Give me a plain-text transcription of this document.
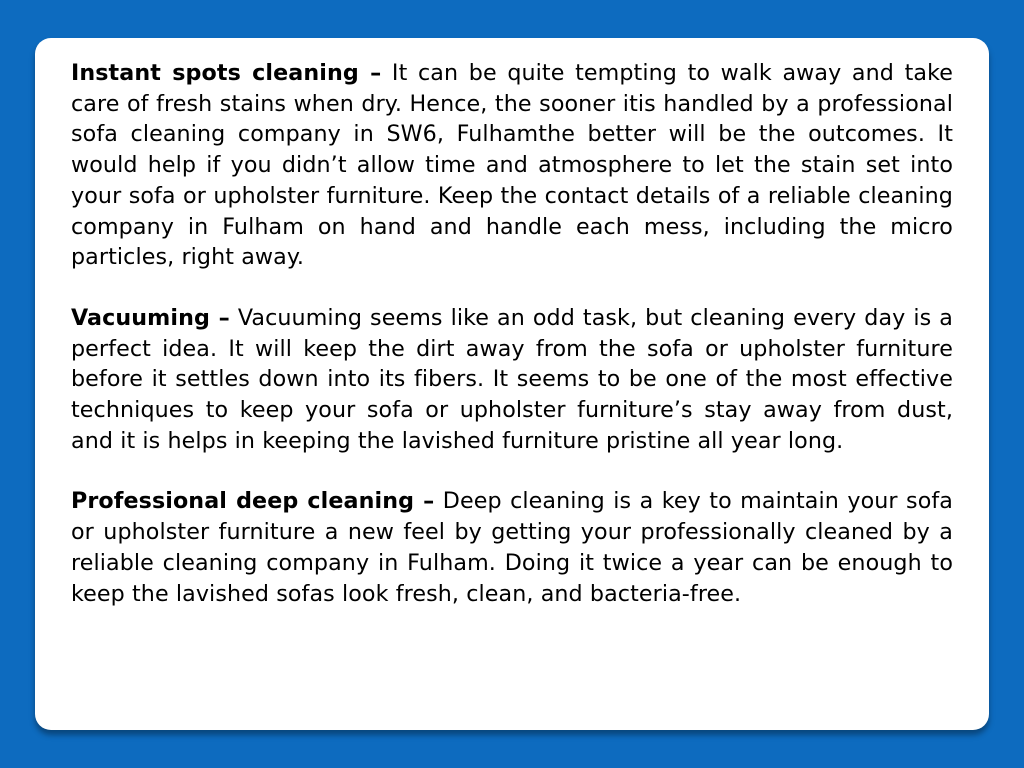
Instant spots cleaning – It can be quite tempting to walk away and take care of fresh stains when dry. Hence, the sooner itis handled by a professional sofa cleaning company in SW6, Fulhamthe better will be the outcomes. It would help if you didn’t allow time and atmosphere to let the stain set into your sofa or upholster furniture. Keep the contact details of a reliable cleaning company in Fulham on hand and handle each mess, including the micro particles, right away.

Vacuuming – Vacuuming seems like an odd task, but cleaning every day is a perfect idea. It will keep the dirt away from the sofa or upholster furniture before it settles down into its fibers. It seems to be one of the most effective techniques to keep your sofa or upholster furniture’s stay away from dust, and it is helps in keeping the lavished furniture pristine all year long.

Professional deep cleaning – Deep cleaning is a key to maintain your sofa or upholster furniture a new feel by getting your professionally cleaned by a reliable cleaning company in Fulham. Doing it twice a year can be enough to keep the lavished sofas look fresh, clean, and bacteria-free.
